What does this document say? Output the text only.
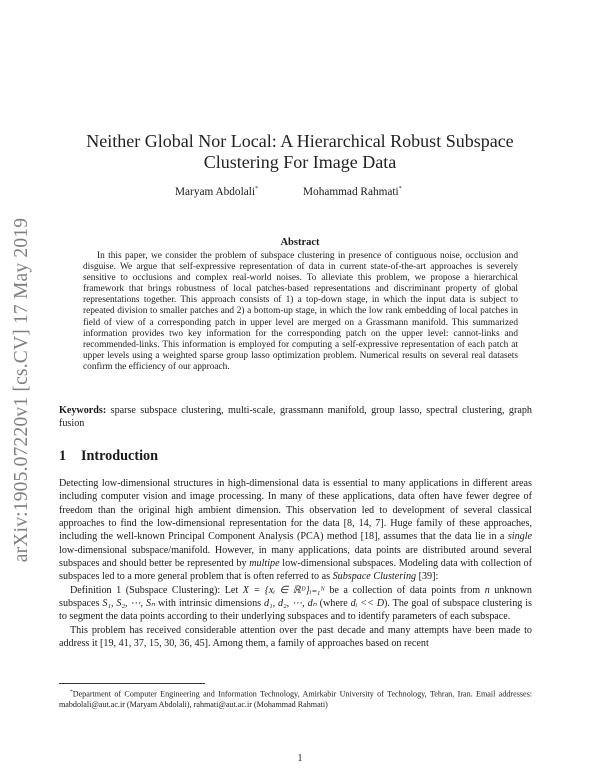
arXiv:1905.07220v1 [cs.CV] 17 May 2019
Neither Global Nor Local: A Hierarchical Robust Subspace Clustering For Image Data
Maryam Abdolali*	Mohammad Rahmati*
Abstract

In this paper, we consider the problem of subspace clustering in presence of contiguous noise, occlusion and disguise. We argue that self-expressive representation of data in current state-of-the-art approaches is severely sensitive to occlusions and complex real-world noises. To alleviate this problem, we propose a hierarchical framework that brings robustness of local patches-based representations and discriminant property of global representations together. This approach consists of 1) a top-down stage, in which the input data is subject to repeated division to smaller patches and 2) a bottom-up stage, in which the low rank embedding of local patches in field of view of a corresponding patch in upper level are merged on a Grassmann manifold. This summarized information provides two key information for the corresponding patch on the upper level: cannot-links and recommended-links. This information is employed for computing a self-expressive representation of each patch at upper levels using a weighted sparse group lasso optimization problem. Numerical results on several real datasets confirm the efficiency of our approach.

Keywords: sparse subspace clustering, multi-scale, grassmann manifold, group lasso, spectral clustering, graph fusion

1 Introduction

Detecting low-dimensional structures in high-dimensional data is essential to many applications in different areas including computer vision and image processing. In many of these applications, data often have fewer degree of freedom than the original high ambient dimension. This observation led to development of several classical approaches to find the low-dimensional representation for the data [8, 14, 7]. Huge family of these approaches, including the well-known Principal Component Analysis (PCA) method [18], assumes that the data lie in a single low-dimensional subspace/manifold. However, in many applications, data points are distributed around several subspaces and should better be represented by multipe low-dimensional subspaces. Modeling data with collection of subspaces led to a more general problem that is often referred to as Subspace Clustering [39]:

Definition 1 (Subspace Clustering): Let X = {xᵢ ∈ ℝᴰ}ᵢ₌₁ᴺ be a collection of data points from n unknown subspaces S₁, S₂, ⋯, Sₙ with intrinsic dimensions d₁, d₂, ⋯, dₙ (where dᵢ << D). The goal of subspace clustering is to segment the data points according to their underlying subspaces and to identify parameters of each subspace.

This problem has received considerable attention over the past decade and many attempts have been made to address it [19, 41, 37, 15, 30, 36, 45]. Among them, a family of approaches based on recent

*Department of Computer Engineering and Information Technology, Amirkabir University of Technology, Tehran, Iran. Email addresses: mabdolali@aut.ac.ir (Maryam Abdolali), rahmati@aut.ac.ir (Mohammad Rahmati)

1
